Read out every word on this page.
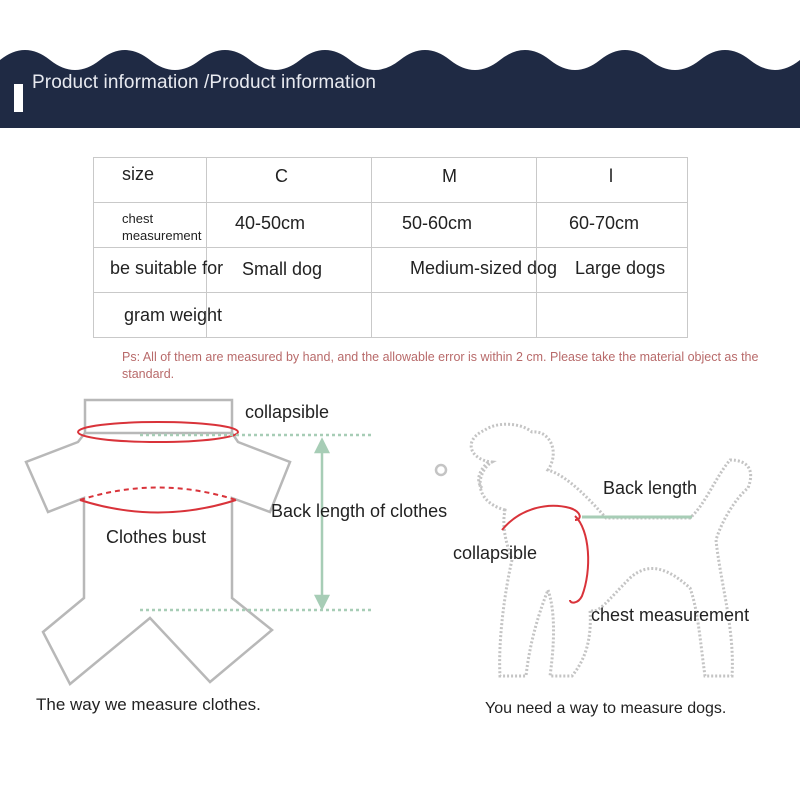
Product information /Product information
size	C	M	l

chest measurement	40-50cm	50-60cm	60-70cm

be suitable for	Small dog	Medium-sized dog	Large dogs

gram weight			

Ps: All of them are measured by hand, and the allowable error is within 2 cm. Please take the material object as the standard.
collapsible
Back length of clothes
Clothes bust
The way we measure clothes.
Back length
collapsible
chest measurement
You need a way to measure dogs.
